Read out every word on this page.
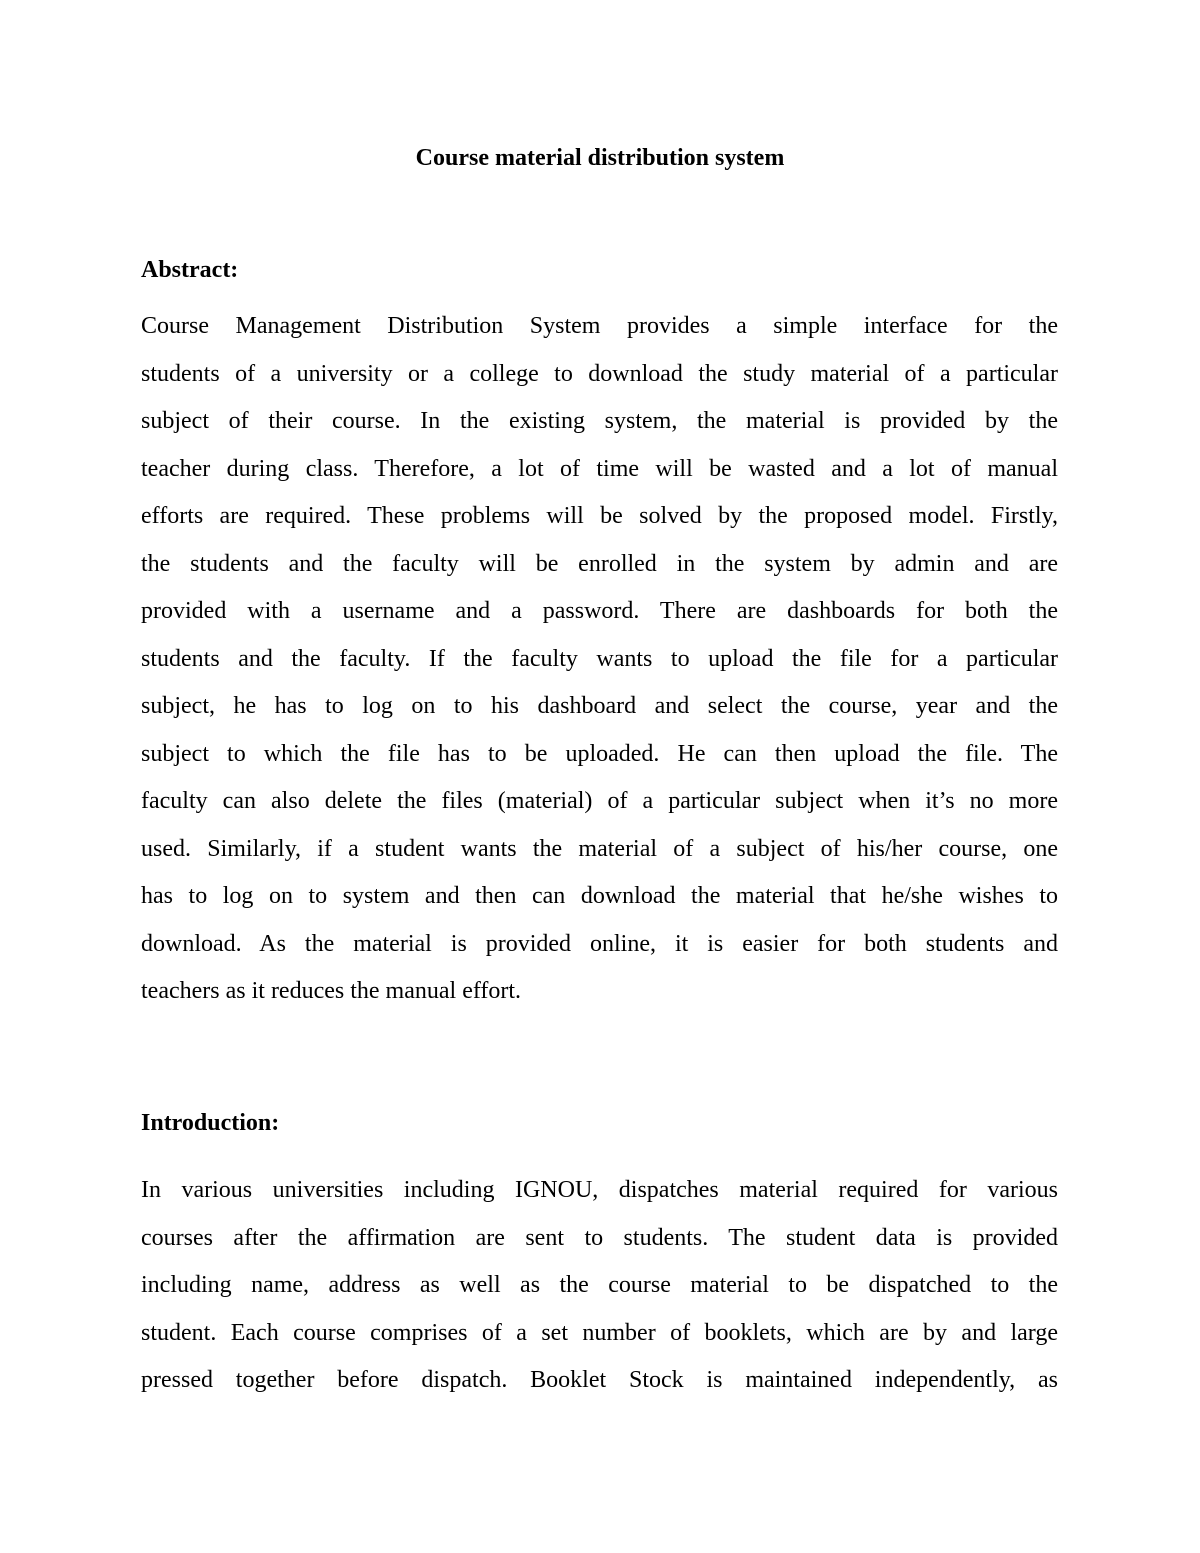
Course material distribution system
Abstract:
Course Management Distribution System provides a simple interface for the
students of a university or a college to download the study material of a particular
subject of their course. In the existing system, the material is provided by the
teacher during class. Therefore, a lot of time will be wasted and a lot of manual
efforts are required. These problems will be solved by the proposed model. Firstly,
the students and the faculty will be enrolled in the system by admin and are
provided with a username and a password. There are dashboards for both the
students and the faculty. If the faculty wants to upload the file for a particular
subject, he has to log on to his dashboard and select the course, year and the
subject to which the file has to be uploaded. He can then upload the file. The
faculty can also delete the files (material) of a particular subject when it’s no more
used. Similarly, if a student wants the material of a subject of his/her course, one
has to log on to system and then can download the material that he/she wishes to
download. As the material is provided online, it is easier for both students and
teachers as it reduces the manual effort.
Introduction:
In various universities including IGNOU, dispatches material required for various
courses after the affirmation are sent to students. The student data is provided
including name, address as well as the course material to be dispatched to the
student. Each course comprises of a set number of booklets, which are by and large
pressed together before dispatch. Booklet Stock is maintained independently, as
